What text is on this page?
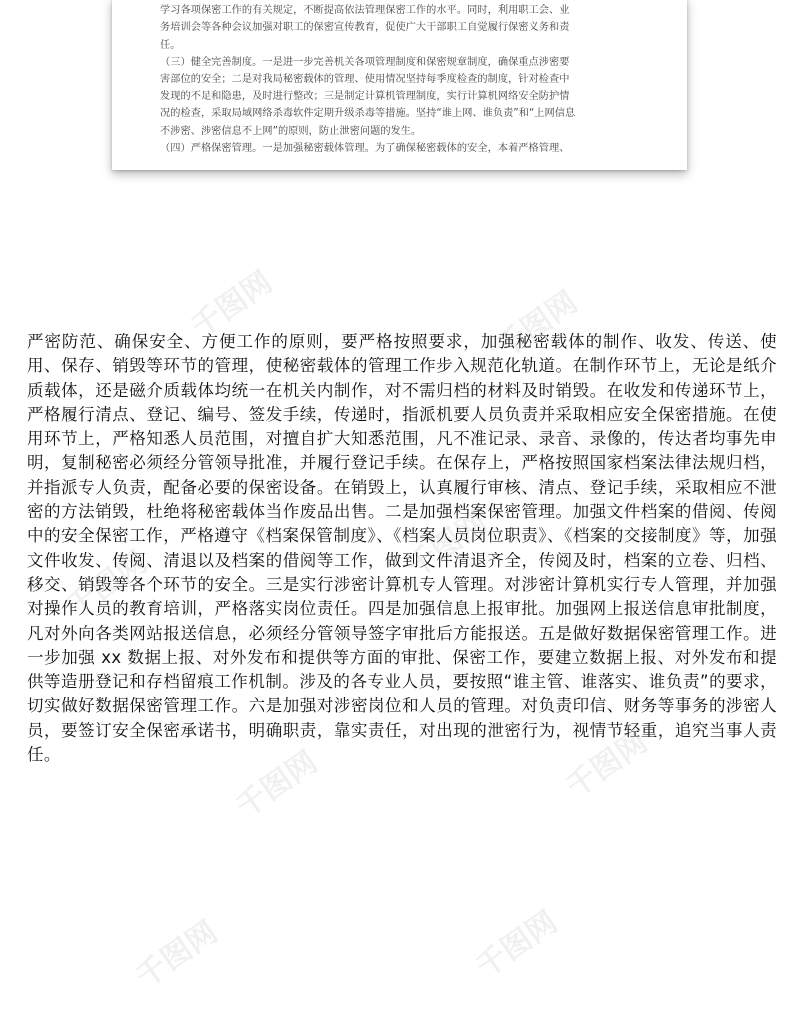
学习各项保密工作的有关规定，不断提高依法管理保密工作的水平。同时，利用职工会、业

务培训会等各种会议加强对职工的保密宣传教育，促使广大干部职工自觉履行保密义务和责

任。

（三）健全完善制度。一是进一步完善机关各项管理制度和保密规章制度，确保重点涉密要

害部位的安全；二是对我局秘密载体的管理、使用情况坚持每季度检查的制度，针对检查中

发现的不足和隐患，及时进行整改；三是制定计算机管理制度，实行计算机网络安全防护情

况的检查，采取局域网络杀毒软件定期升级杀毒等措施。坚持“谁上网、谁负责”和“上网信息

不涉密、涉密信息不上网”的原则，防止泄密问题的发生。

（四）严格保密管理。一是加强秘密载体管理。为了确保秘密载体的安全，本着严格管理、

千图网	千图网
千图网	千图网
千图网	千图网
千图网	千图网

严密防范、确保安全、方便工作的原则，要严格按照要求，加强秘密载体的制作、收发、传送、使用、保存、销毁等环节的管理，使秘密载体的管理工作步入规范化轨道。在制作环节上，无论是纸介质载体，还是磁介质载体均统一在机关内制作，对不需归档的材料及时销毁。在收发和传递环节上，严格履行清点、登记、编号、签发手续，传递时，指派机要人员负责并采取相应安全保密措施。在使用环节上，严格知悉人员范围，对擅自扩大知悉范围，凡不准记录、录音、录像的，传达者均事先申明，复制秘密必须经分管领导批准，并履行登记手续。在保存上，严格按照国家档案法律法规归档，并指派专人负责，配备必要的保密设备。在销毁上，认真履行审核、清点、登记手续，采取相应不泄密的方法销毁，杜绝将秘密载体当作废品出售。二是加强档案保密管理。加强文件档案的借阅、传阅中的安全保密工作，严格遵守《档案保管制度》、《档案人员岗位职责》、《档案的交接制度》等，加强文件收发、传阅、清退以及档案的借阅等工作，做到文件清退齐全，传阅及时，档案的立卷、归档、移交、销毁等各个环节的安全。三是实行涉密计算机专人管理。对涉密计算机实行专人管理，并加强对操作人员的教育培训，严格落实岗位责任。四是加强信息上报审批。加强网上报送信息审批制度，凡对外向各类网站报送信息，必须经分管领导签字审批后方能报送。五是做好数据保密管理工作。进一步加强 xx 数据上报、对外发布和提供等方面的审批、保密工作，要建立数据上报、对外发布和提供等造册登记和存档留痕工作机制。涉及的各专业人员，要按照“谁主管、谁落实、谁负责”的要求，切实做好数据保密管理工作。六是加强对涉密岗位和人员的管理。对负责印信、财务等事务的涉密人员，要签订安全保密承诺书，明确职责，靠实责任，对出现的泄密行为，视情节轻重，追究当事人责任。
